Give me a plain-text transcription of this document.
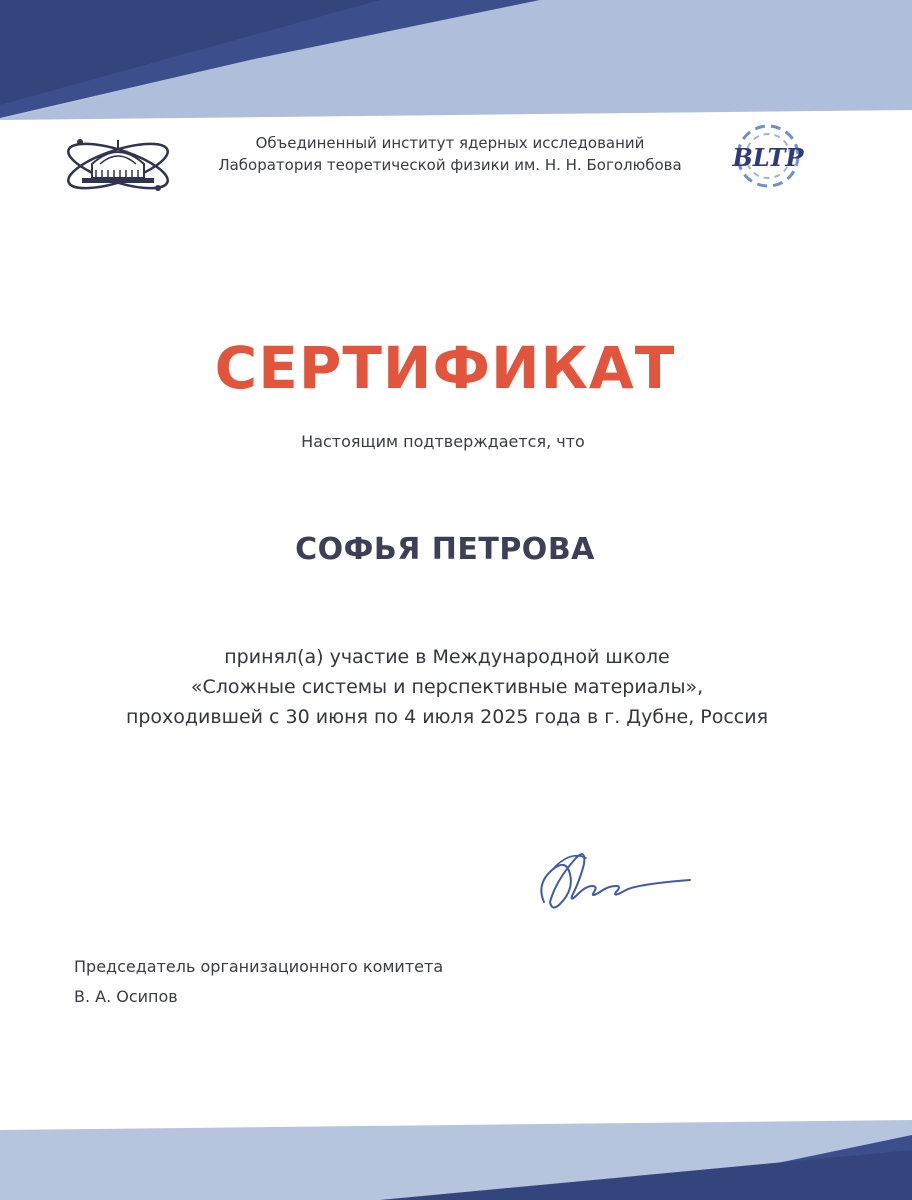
Объединенный институт ядерных исследований
Лаборатория теоретической физики им. Н. Н. Боголюбова	BLTP
СЕРТИФИКАТ
Настоящим подтверждается, что
СОФЬЯ ПЕТРОВА
принял(а) участие в Международной школе
«Сложные системы и перспективные материалы»,
проходившей с 30 июня по 4 июля 2025 года в г. Дубне, Россия
Председатель организационного комитета
В. А. Осипов
